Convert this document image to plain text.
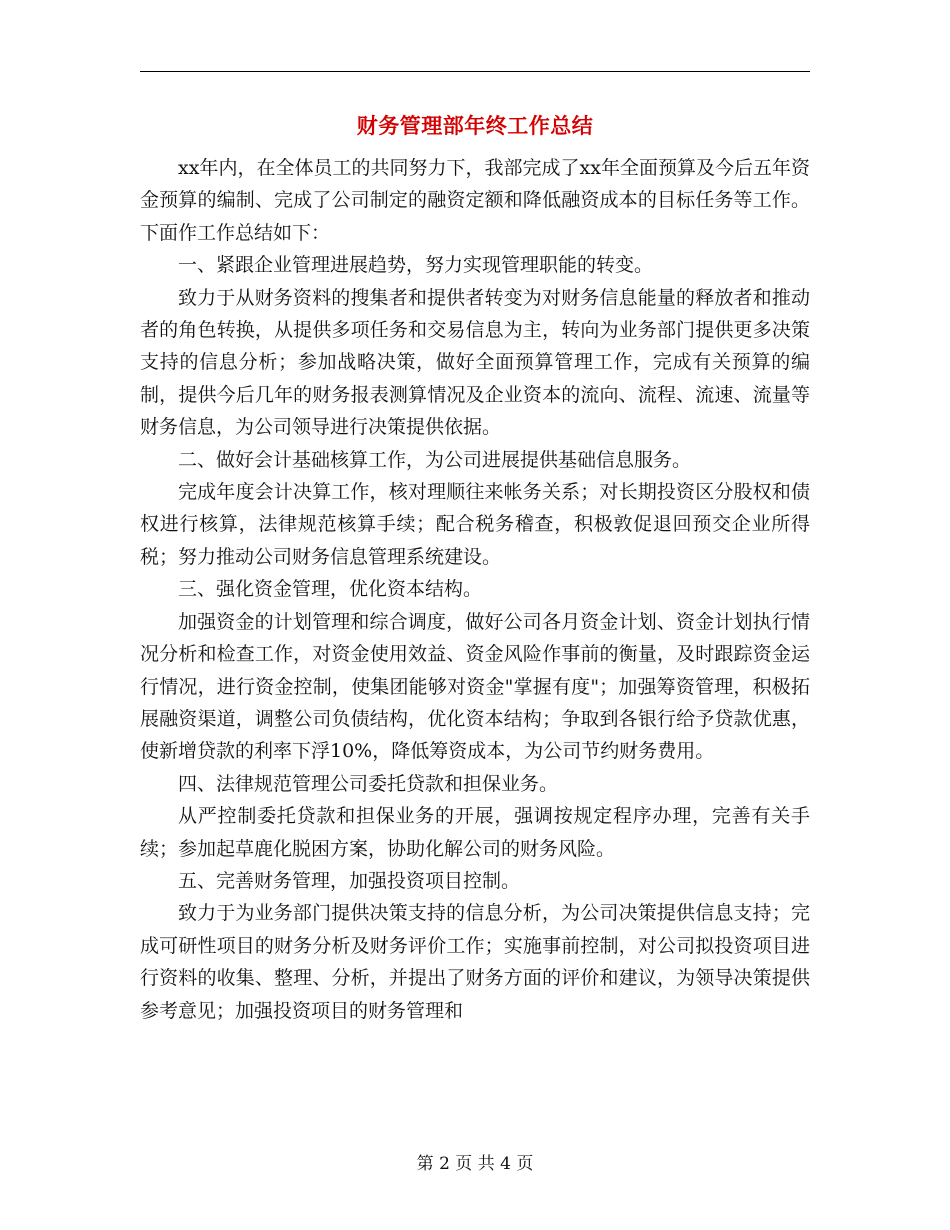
财务管理部年终工作总结

xx年内，在全体员工的共同努力下，我部完成了xx年全面预算及今后五年资金预算的编制、完成了公司制定的融资定额和降低融资成本的目标任务等工作。下面作工作总结如下：

一、紧跟企业管理进展趋势，努力实现管理职能的转变。

致力于从财务资料的搜集者和提供者转变为对财务信息能量的释放者和推动者的角色转换，从提供多项任务和交易信息为主，转向为业务部门提供更多决策支持的信息分析；参加战略决策，做好全面预算管理工作，完成有关预算的编制，提供今后几年的财务报表测算情况及企业资本的流向、流程、流速、流量等财务信息，为公司领导进行决策提供依据。

二、做好会计基础核算工作，为公司进展提供基础信息服务。

完成年度会计决算工作，核对理顺往来帐务关系；对长期投资区分股权和债权进行核算，法律规范核算手续；配合税务稽查，积极敦促退回预交企业所得税；努力推动公司财务信息管理系统建设。

三、强化资金管理，优化资本结构。

加强资金的计划管理和综合调度，做好公司各月资金计划、资金计划执行情况分析和检查工作，对资金使用效益、资金风险作事前的衡量，及时跟踪资金运行情况，进行资金控制，使集团能够对资金"掌握有度"；加强筹资管理，积极拓展融资渠道，调整公司负债结构，优化资本结构；争取到各银行给予贷款优惠，使新增贷款的利率下浮10%，降低筹资成本，为公司节约财务费用。

四、法律规范管理公司委托贷款和担保业务。

从严控制委托贷款和担保业务的开展，强调按规定程序办理，完善有关手续；参加起草鹿化脱困方案，协助化解公司的财务风险。

五、完善财务管理，加强投资项目控制。

致力于为业务部门提供决策支持的信息分析，为公司决策提供信息支持；完成可研性项目的财务分析及财务评价工作；实施事前控制，对公司拟投资项目进行资料的收集、整理、分析，并提出了财务方面的评价和建议，为领导决策提供参考意见；加强投资项目的财务管理和

第 2 页 共 4 页
